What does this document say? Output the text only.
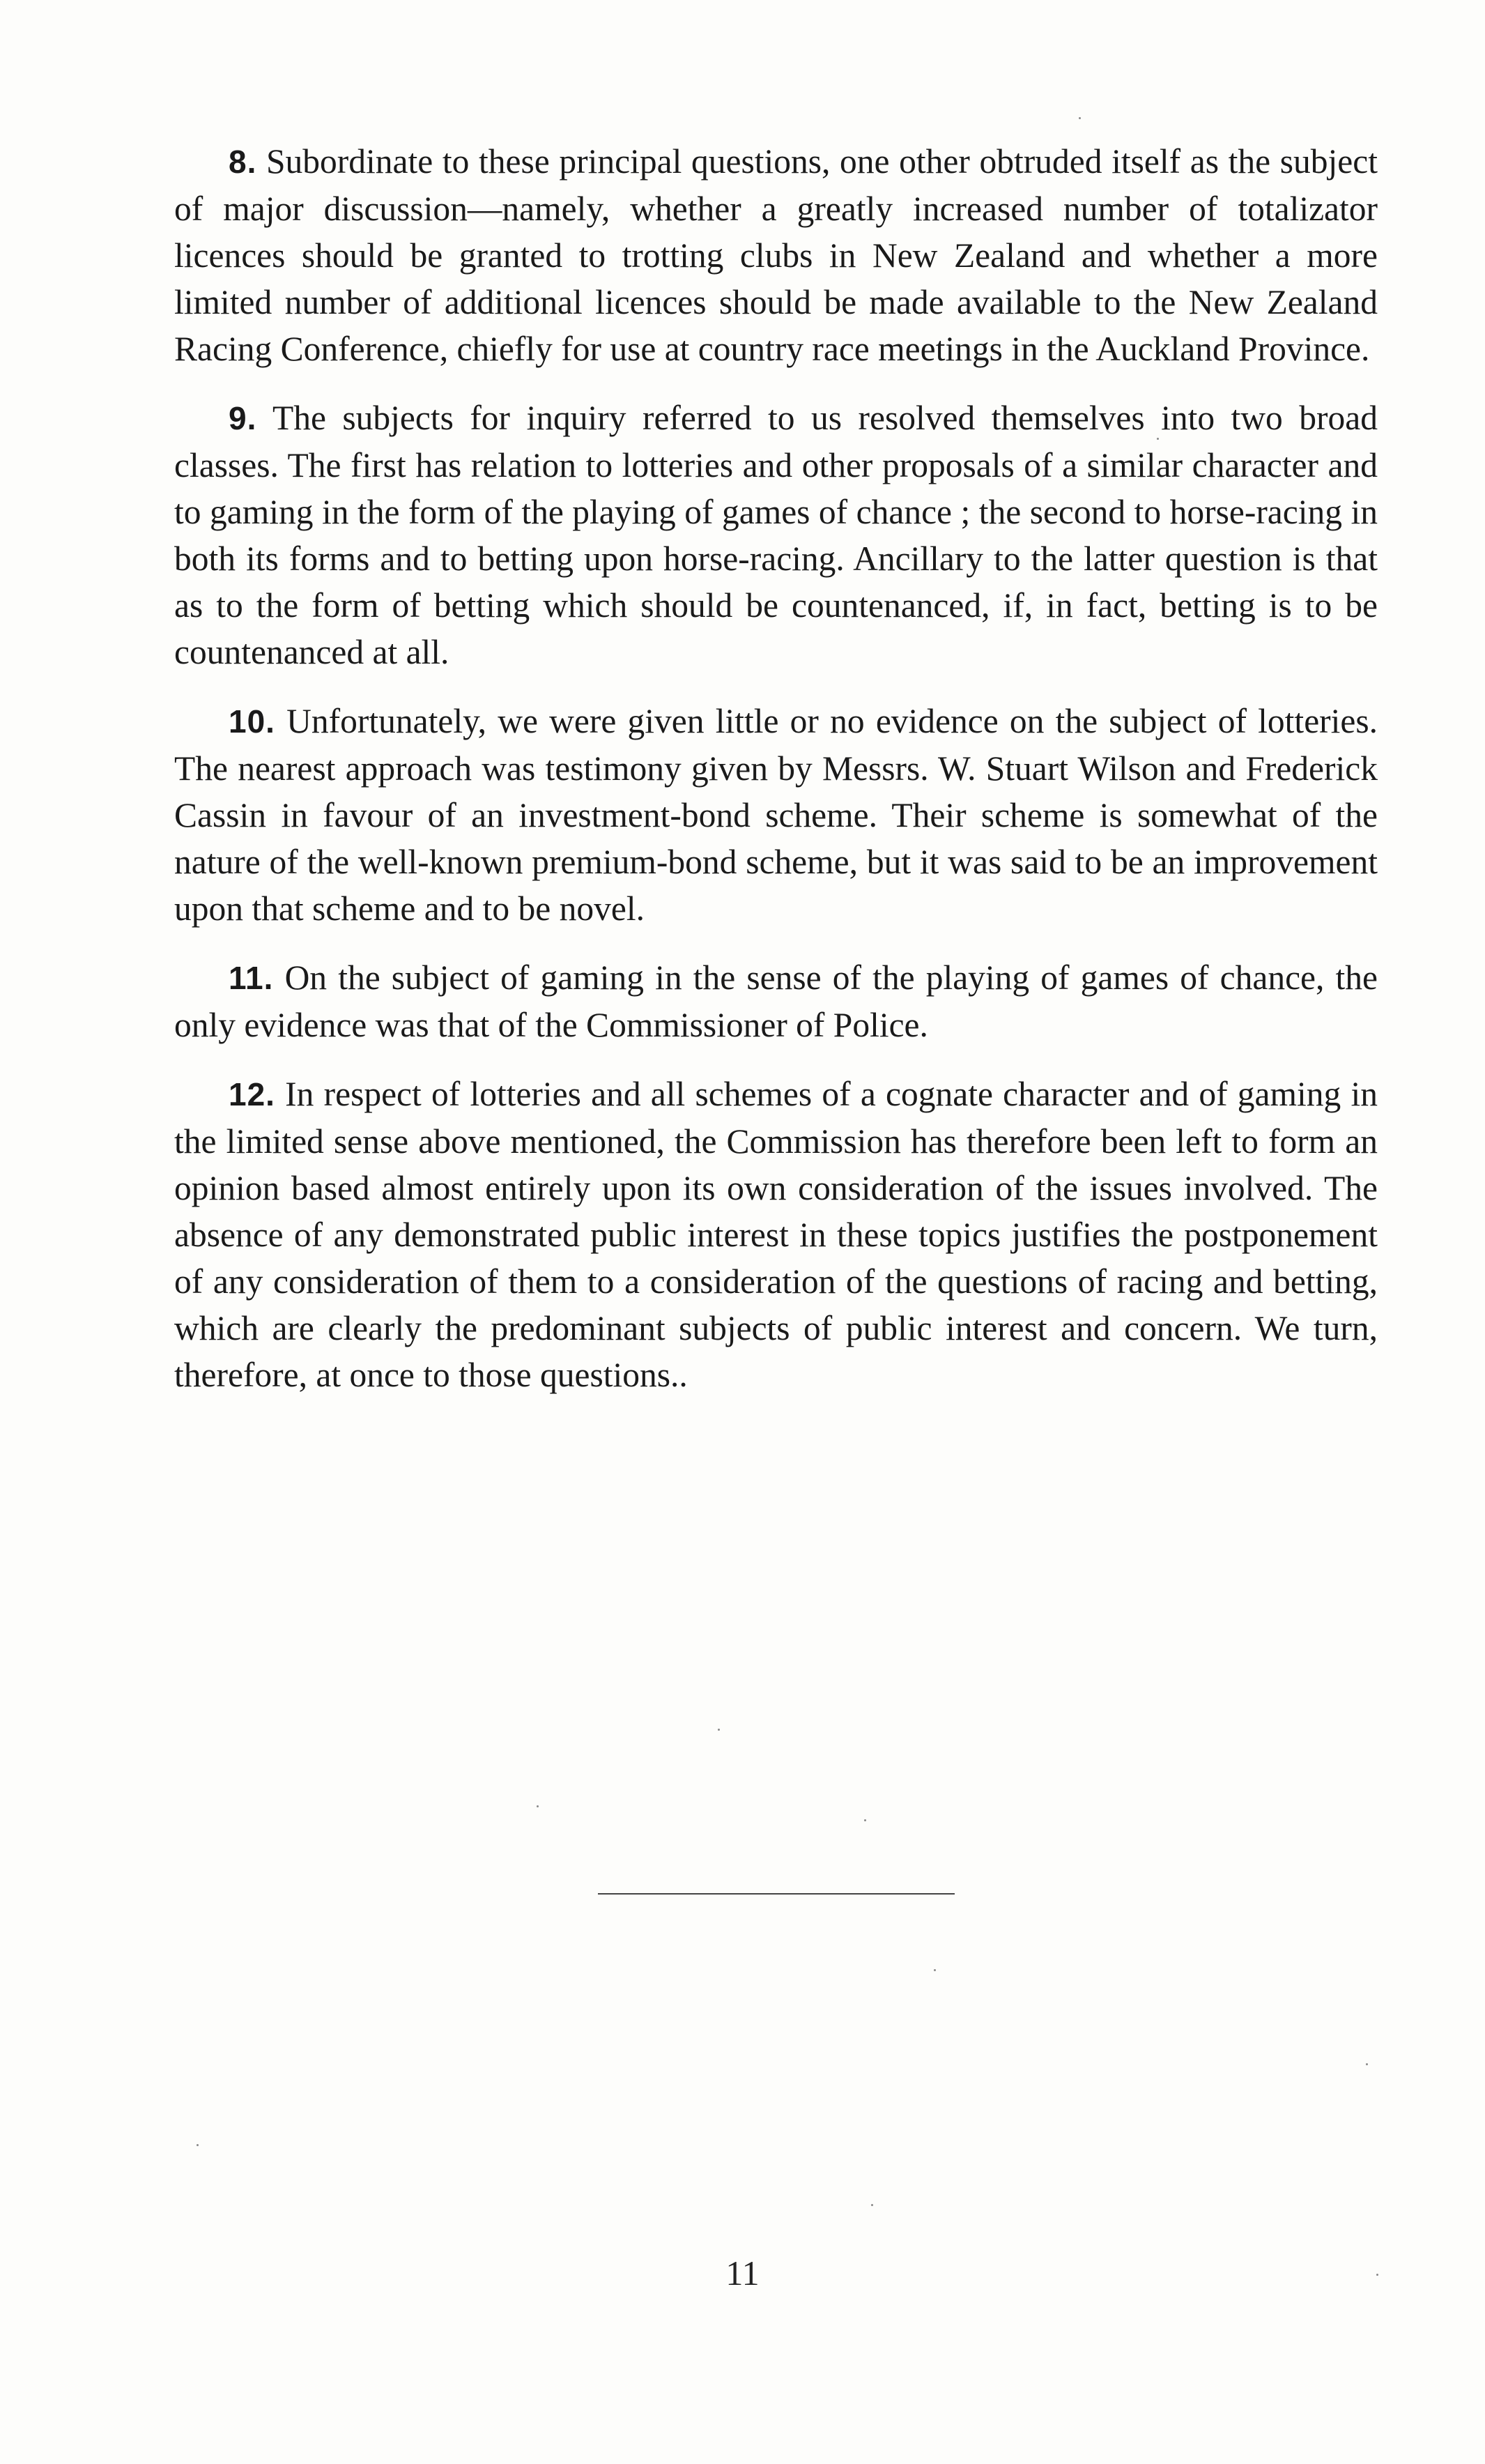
8. Subordinate to these principal questions, one other obtruded itself as the subject of major discussion—namely, whether a greatly increased number of totalizator licences should be granted to trotting clubs in New Zealand and whether a more limited number of additional licences should be made available to the New Zealand Racing Conference, chiefly for use at country race meetings in the Auckland Province.

9. The subjects for inquiry referred to us resolved themselves into two broad classes. The first has relation to lotteries and other proposals of a similar character and to gaming in the form of the playing of games of chance ; the second to horse-racing in both its forms and to betting upon horse-racing. Ancillary to the latter question is that as to the form of betting which should be countenanced, if, in fact, betting is to be countenanced at all.

10. Unfortunately, we were given little or no evidence on the subject of lotteries. The nearest approach was testimony given by Messrs. W. Stuart Wilson and Frederick Cassin in favour of an investment-bond scheme. Their scheme is somewhat of the nature of the well-known premium-bond scheme, but it was said to be an improvement upon that scheme and to be novel.

11. On the subject of gaming in the sense of the playing of games of chance, the only evidence was that of the Commissioner of Police.

12. In respect of lotteries and all schemes of a cognate character and of gaming in the limited sense above mentioned, the Commission has therefore been left to form an opinion based almost entirely upon its own consideration of the issues involved. The absence of any demonstrated public interest in these topics justifies the postponement of any consideration of them to a consideration of the questions of racing and betting, which are clearly the predominant subjects of public interest and concern. We turn, therefore, at once to those questions..

11
